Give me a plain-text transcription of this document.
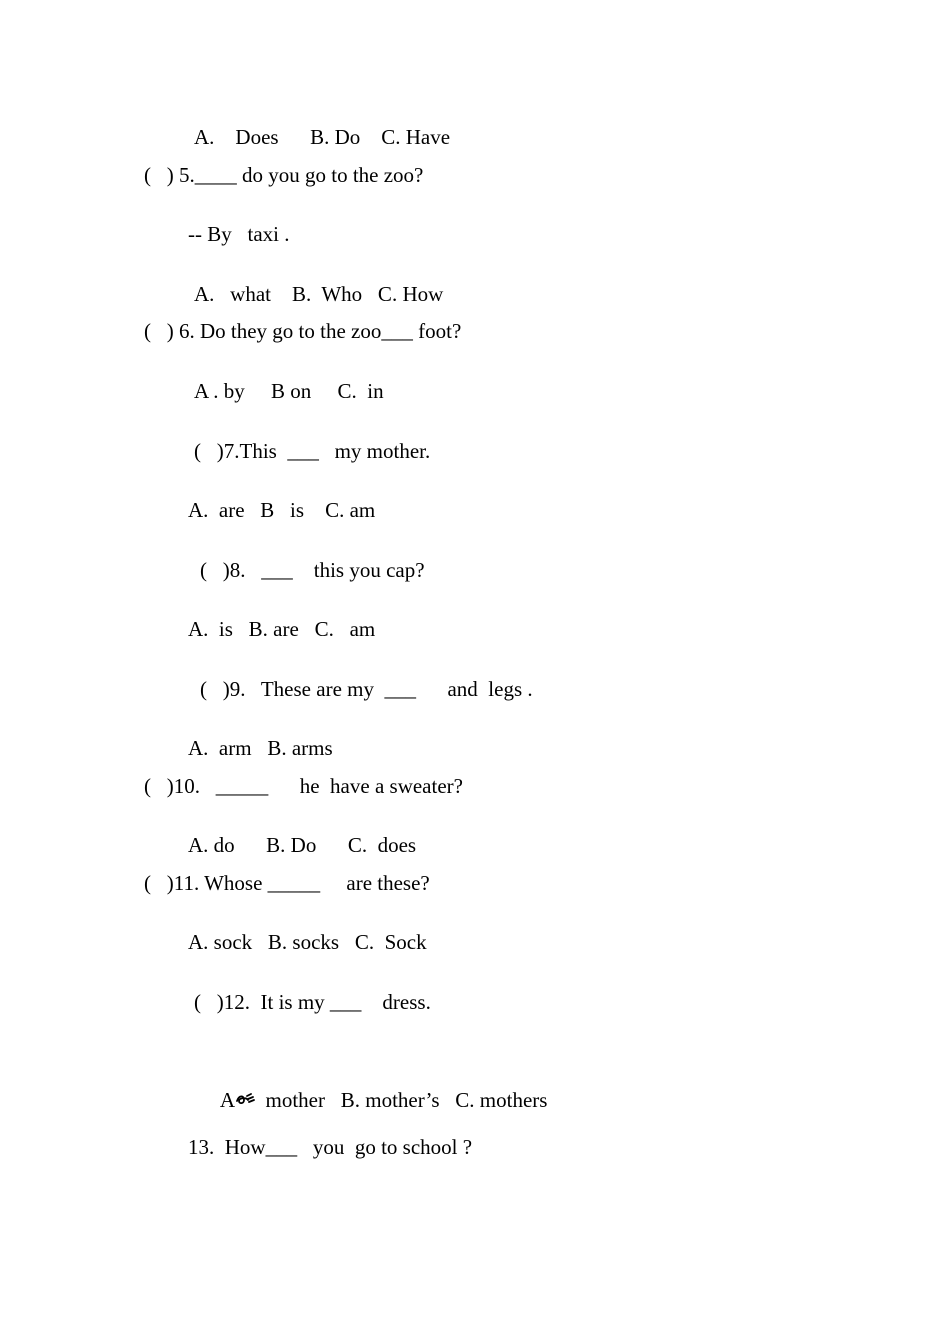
A.    Does      B. Do    C. Have
(   ) 5.____ do you go to the zoo?
-- By   taxi .
A.   what    B.  Who   C. How
(   ) 6. Do they go to the zoo___ foot?
A . by     B on     C.  in
(   )7.This  ___   my mother.
A.  are   B   is    C. am
(   )8.   ___    this you cap?
A.  is   B. are   C.   am
(   )9.   These are my  ___      and  legs .
A.  arm   B. arms
(   )10.   _____      he  have a sweater?
A. do      B. Do      C.  does
(   )11. Whose _____     are these?
A. sock   B. socks   C.  Sock
(   )12.  It is my ___    dress.

A
mother   B. mother’s   C. mothers

13.  How___   you  go to school ?
